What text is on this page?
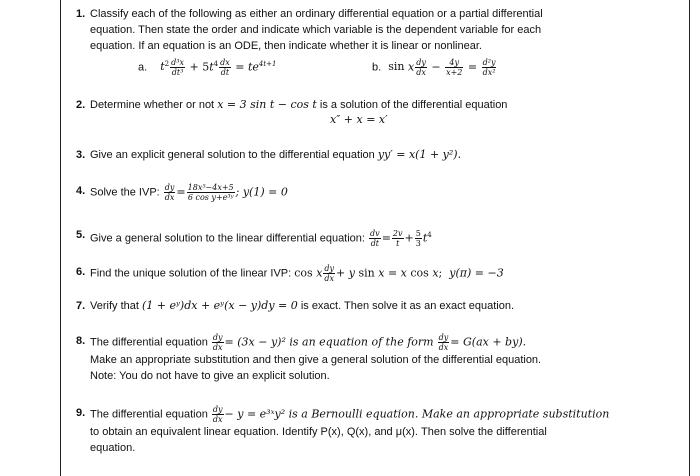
1. Classify each of the following as either an ordinary differential equation or a partial differential equation. Then state the order and indicate which variable is the dependent variable for each equation. If an equation is an ODE, then indicate whether it is linear or nonlinear.
a. $t^2 \frac{\text{d³x}}{\text{dt³}} + 5t^4 \frac{dx}{dt} = te^{4t+1}$	b. sin x $\frac{dy}{dx} - \frac{4y}{x+2} = \frac{\text{d²y}}{\text{dx²}}$
2. Determine whether or not x = 3 sin t − cos t is a solution of the differential equation
x″ + x = x′
3. Give an explicit general solution to the differential equation yy′ = x(1 + y²).
4. Solve the IVP: $\frac{dy}{dx} = \frac{\text{18x⁵−4x+5}}{\text{6 cos y+e³ʸ}}$ ; y(1) = 0
5. Give a general solution to the linear differential equation: $\frac{dv}{dt} = \frac{2v}{t} + \frac{5}{3} t^4$
6. Find the unique solution of the linear IVP: cos x $\frac{dy}{dx} + y$ sin x = x cos x;  y(π) = −3
7. Verify that (1 + eʸ)dx + eʸ(x − y)dy = 0 is exact. Then solve it as an exact equation.
8. The differential equation $\frac{dy}{dx} = (3x - y)^2$ is an equation of the form $\frac{dy}{dx} = G(ax + by)$.
Make an appropriate substitution and then give a general solution of the differential equation.
Note: You do not have to give an explicit solution.
9. The differential equation $\frac{dy}{dx} - y$ = e³ˣy² is a Bernoulli equation. Make an appropriate substitution
to obtain an equivalent linear equation. Identify P(x), Q(x), and μ(x). Then solve the differential
equation.
